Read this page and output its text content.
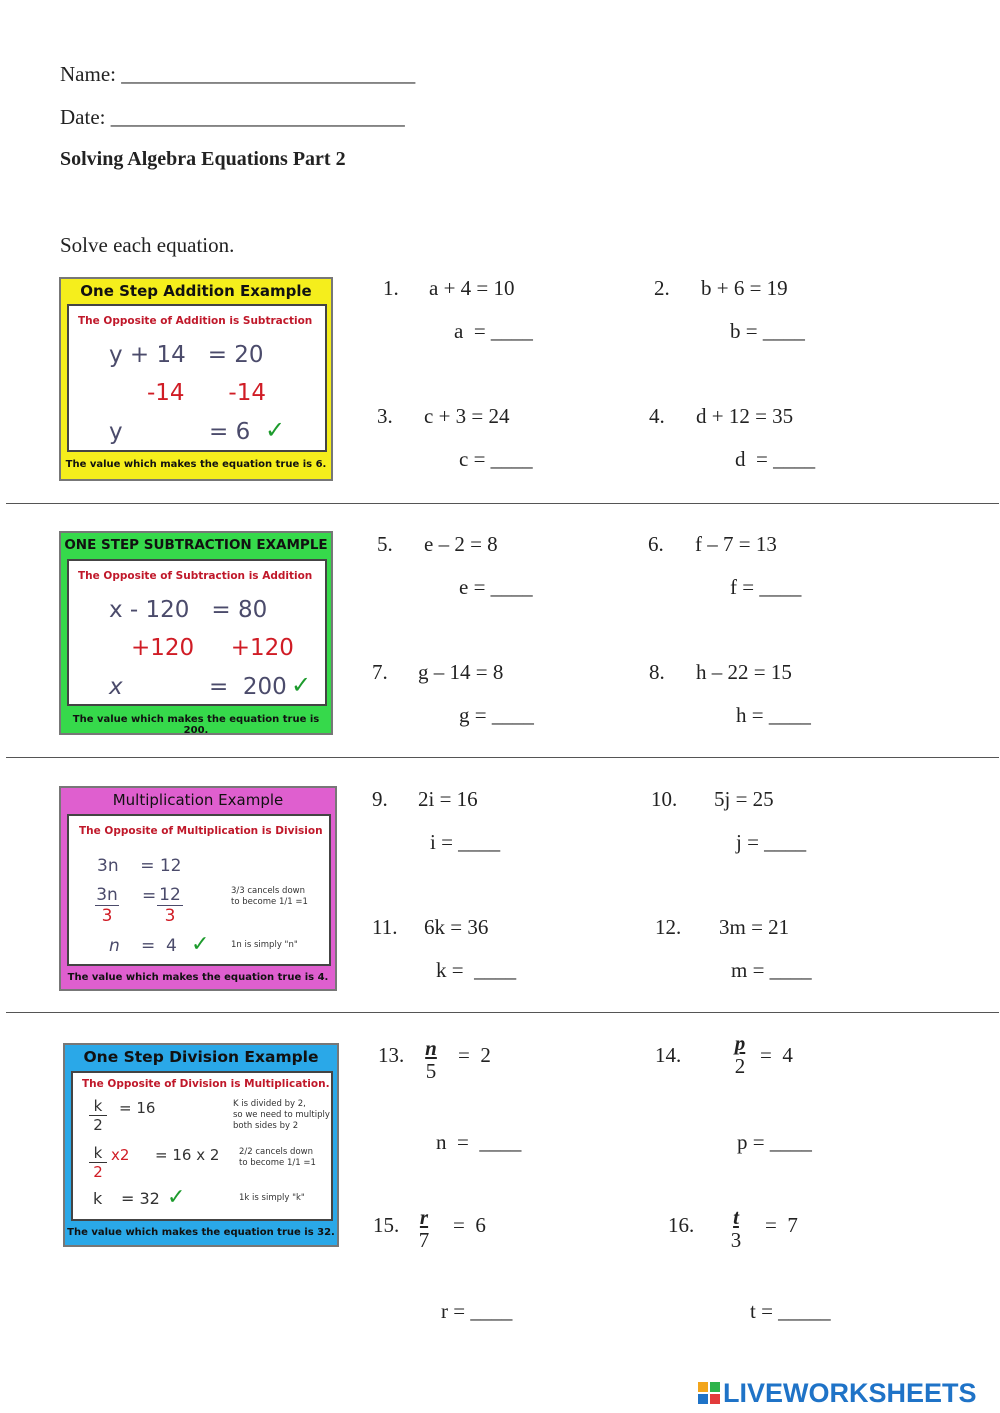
Name: ____________________________
Date: ____________________________
Solving Algebra Equations Part 2
Solve each equation.
One Step Addition Example
The Opposite of Addition is Subtraction
y + 14   = 20
-14      -14
y	= 6 ✓
The value which makes the equation true is 6.
1. a + 4 = 10
a  = ____
2. b + 6 = 19
b = ____
3. c + 3 = 24
c = ____
4. d + 12 = 35
d  = ____
ONE STEP SUBTRACTION EXAMPLE
The Opposite of Subtraction is Addition
x - 120   = 80
+120     +120
x	=  200 ✓
The value which makes the equation true is 200.
5. e – 2 = 8
e = ____
6. f – 7 = 13
f = ____
7. g – 14 = 8
g = ____
8. h – 22 = 15
h = ____
Multiplication Example
The Opposite of Multiplication is Division
3n    = 12
3n
3
= 12
3
3/3 cancels down
to become 1/1 =1
n =  4 ✓	1n is simply "n"
The value which makes the equation true is 4.
9. 2i = 16
i = ____
10. 5j = 25
j = ____
11. 6k = 36
k =  ____
12. 3m = 21
m = ____
One Step Division Example
The Opposite of Division is Multiplication.
k
2
= 16	K is divided by 2,
so we need to multiply
both sides by 2
k
2
x2 = 16 x 2 2/2 cancels down
to become 1/1 =1
k = 32 ✓	1k is simply "k"
The value which makes the equation true is 32.
13. $\frac{n}{5} = 2$
n  =  ____
14. $\frac{p}{2} = 4$
p = ____
15. $\frac{r}{7} = 6$
r = ____
16. $\frac{t}{3} = 7$
t = _____
LIVEWORKSHEETS
